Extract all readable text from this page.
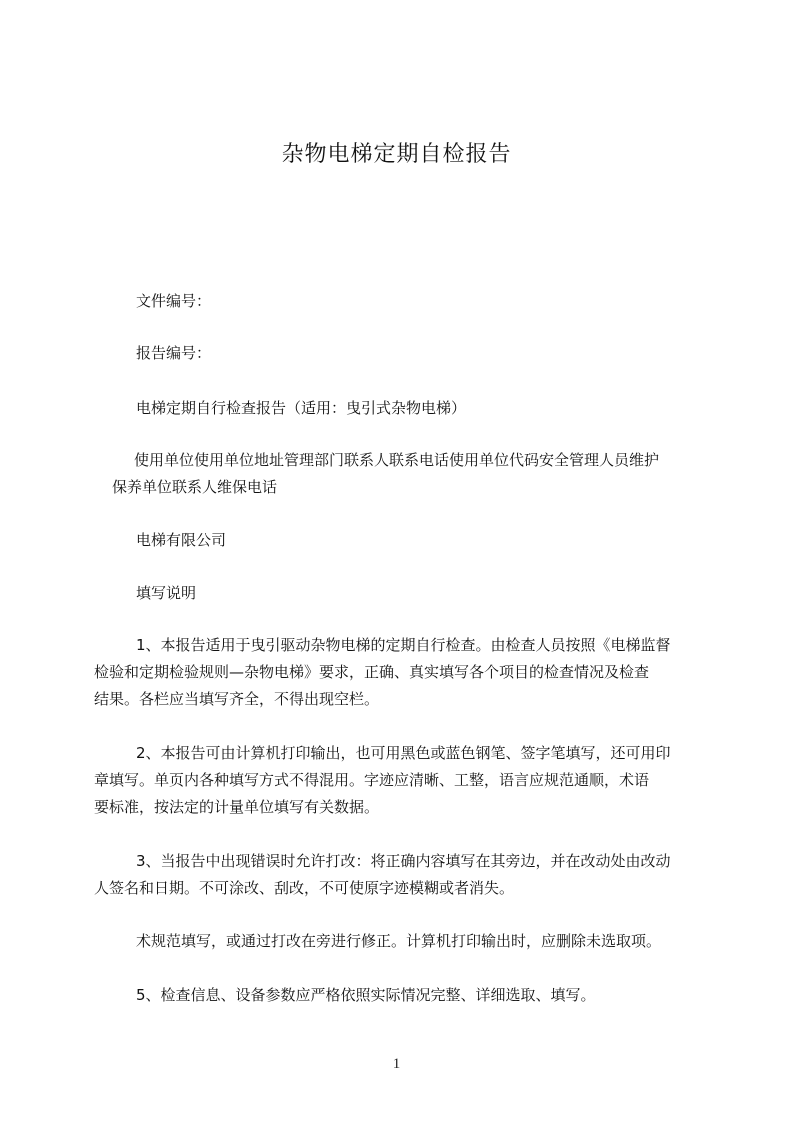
杂物电梯定期自检报告
文件编号：
报告编号：
电梯定期自行检查报告（适用：曳引式杂物电梯）
使用单位使用单位地址管理部门联系人联系电话使用单位代码安全管理人员维护
保养单位联系人维保电话
电梯有限公司
填写说明
1、本报告适用于曳引驱动杂物电梯的定期自行检查。由检查人员按照《电梯监督
检验和定期检验规则—杂物电梯》要求，正确、真实填写各个项目的检查情况及检查
结果。各栏应当填写齐全，不得出现空栏。
2、本报告可由计算机打印输出，也可用黑色或蓝色钢笔、签字笔填写，还可用印
章填写。单页内各种填写方式不得混用。字迹应清晰、工整，语言应规范通顺，术语
要标准，按法定的计量单位填写有关数据。
3、当报告中出现错误时允许打改：将正确内容填写在其旁边，并在改动处由改动
人签名和日期。不可涂改、刮改，不可使原字迹模糊或者消失。
术规范填写，或通过打改在旁进行修正。计算机打印输出时，应删除未选取项。
5、检查信息、设备参数应严格依照实际情况完整、详细选取、填写。
1
